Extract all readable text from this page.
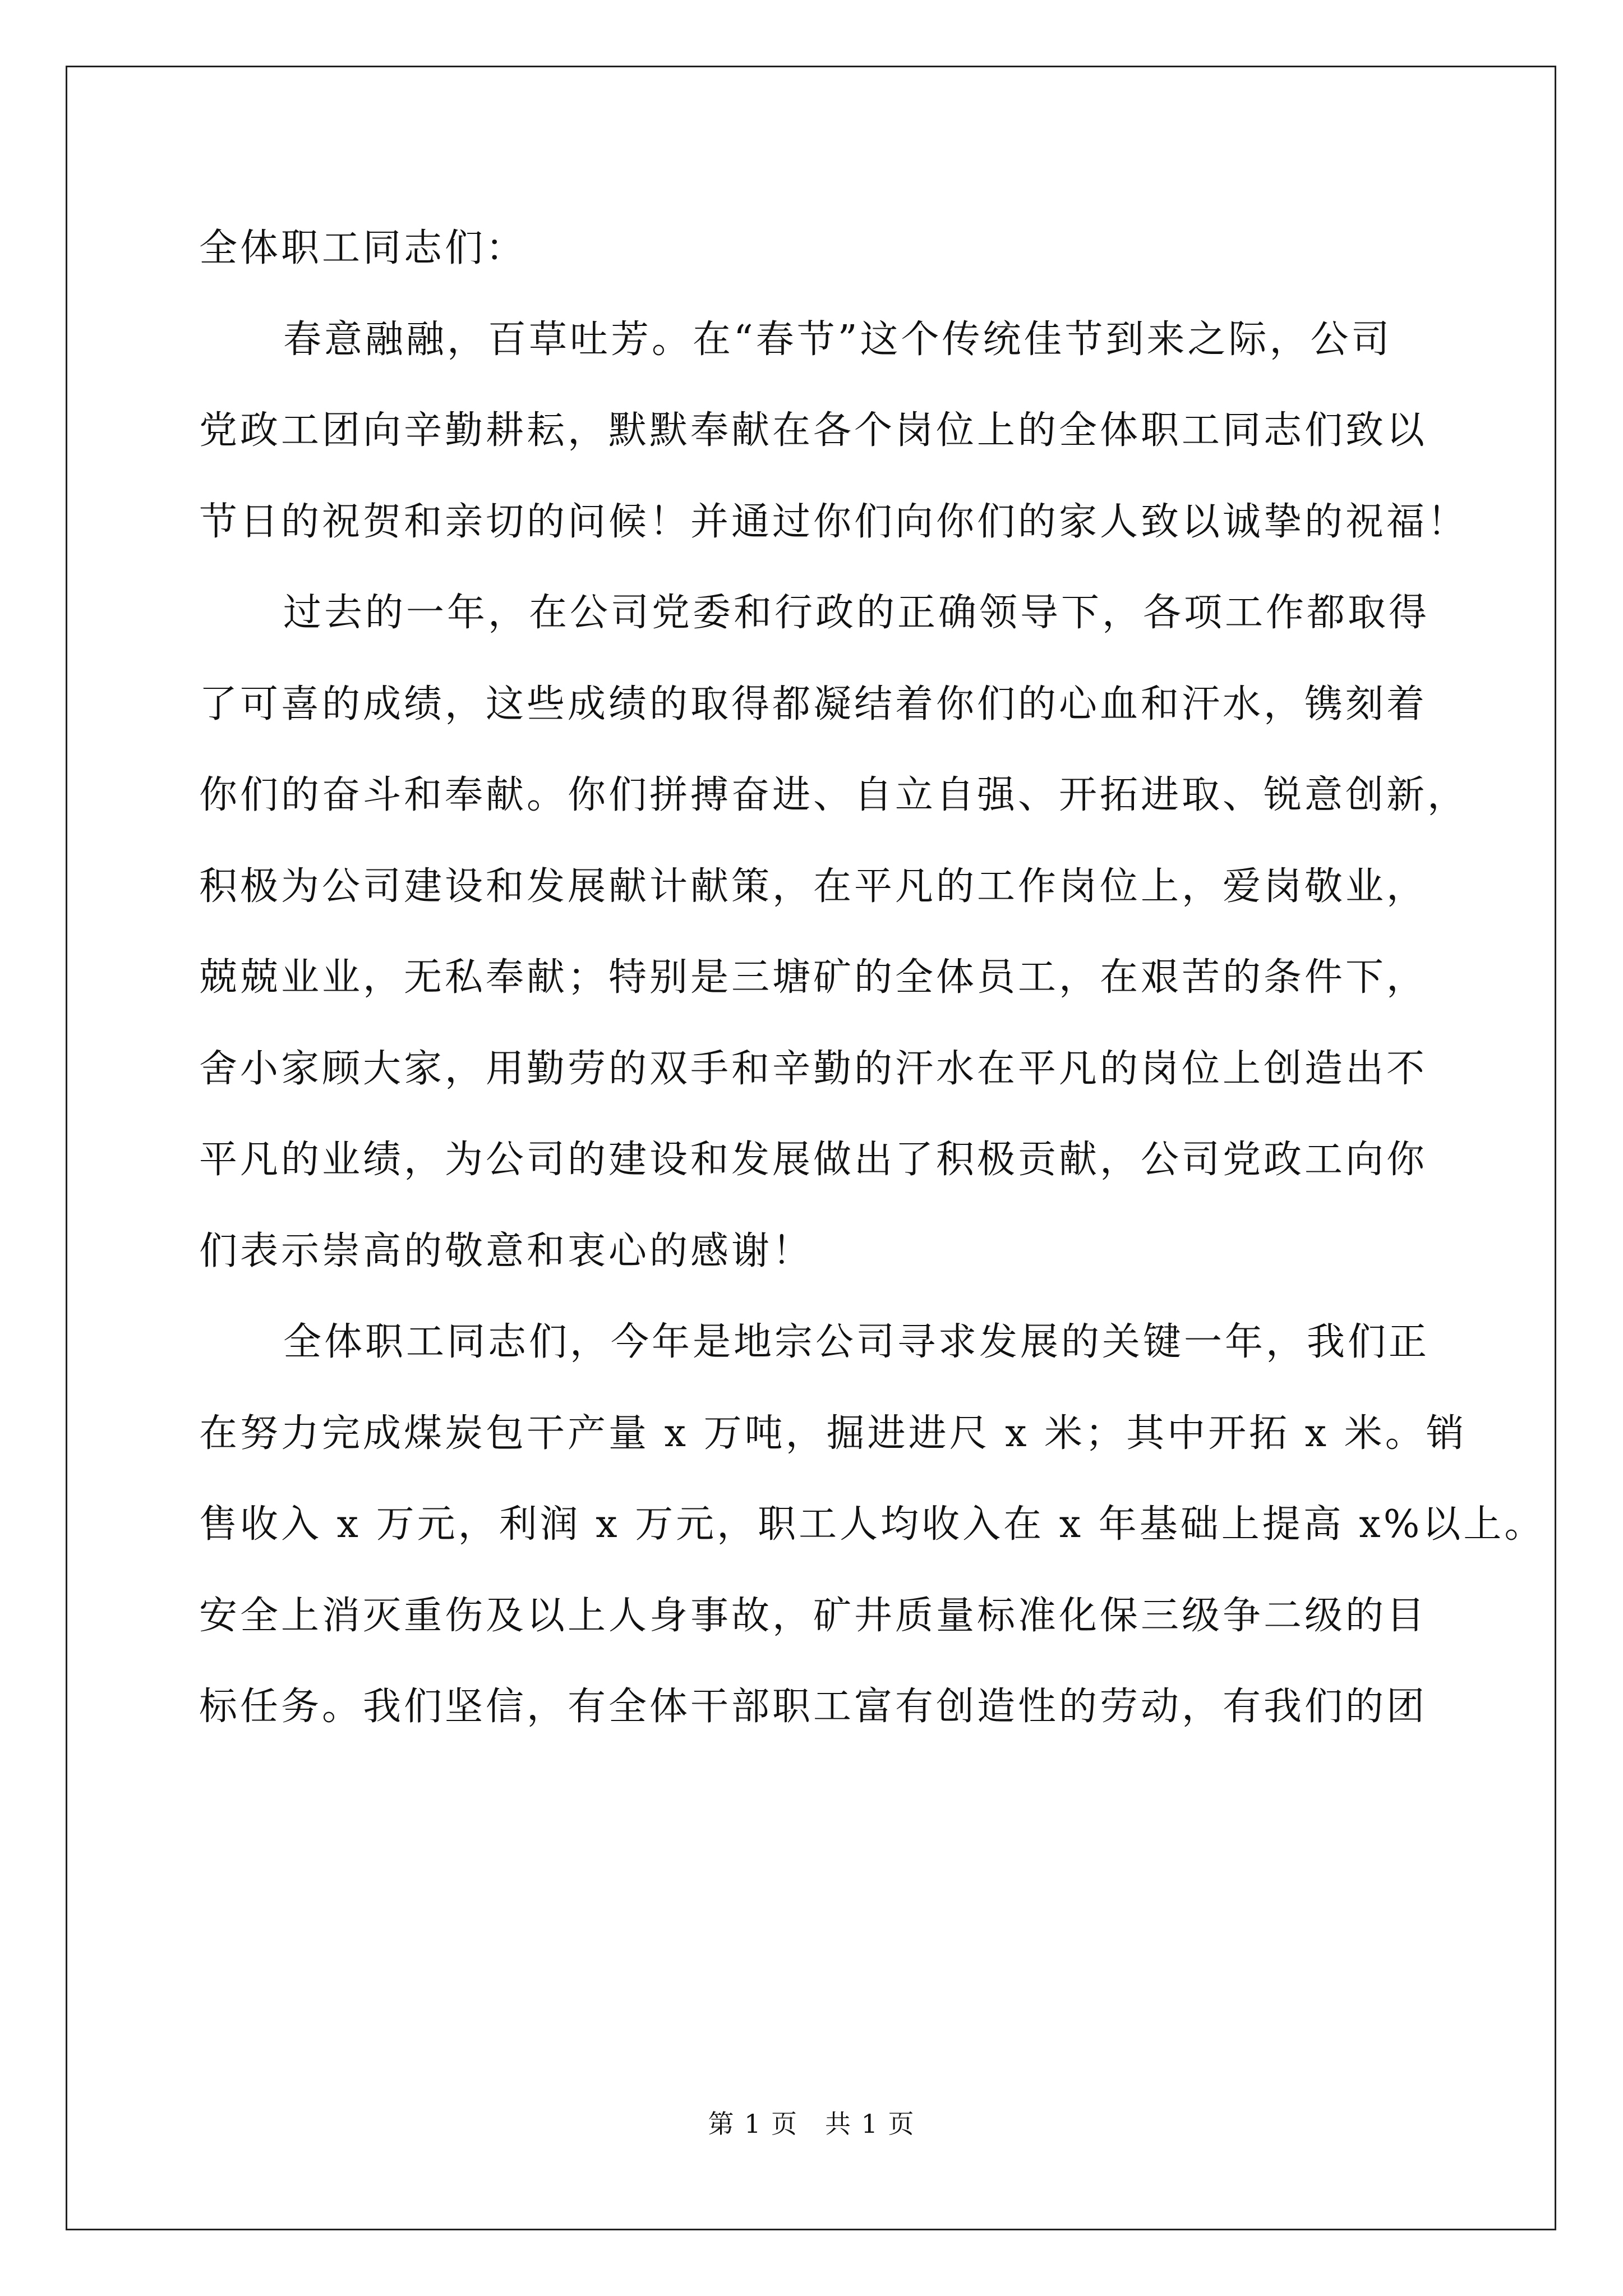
全体职工同志们：
春意融融，百草吐芳。在“春节”这个传统佳节到来之际，公司
党政工团向辛勤耕耘，默默奉献在各个岗位上的全体职工同志们致以
节日的祝贺和亲切的问候！并通过你们向你们的家人致以诚挚的祝福！
过去的一年，在公司党委和行政的正确领导下，各项工作都取得
了可喜的成绩，这些成绩的取得都凝结着你们的心血和汗水，镌刻着
你们的奋斗和奉献。你们拼搏奋进、自立自强、开拓进取、锐意创新，
积极为公司建设和发展献计献策，在平凡的工作岗位上，爱岗敬业，
兢兢业业，无私奉献；特别是三塘矿的全体员工，在艰苦的条件下，
舍小家顾大家，用勤劳的双手和辛勤的汗水在平凡的岗位上创造出不
平凡的业绩，为公司的建设和发展做出了积极贡献，公司党政工向你
们表示崇高的敬意和衷心的感谢！
全体职工同志们，今年是地宗公司寻求发展的关键一年，我们正
在努力完成煤炭包干产量 x 万吨，掘进进尺 x 米；其中开拓 x 米。销
售收入 x 万元，利润 x 万元，职工人均收入在 x 年基础上提高 x%以上。
安全上消灭重伤及以上人身事故，矿井质量标准化保三级争二级的目
标任务。我们坚信，有全体干部职工富有创造性的劳动，有我们的团
第 1 页　共 1 页
